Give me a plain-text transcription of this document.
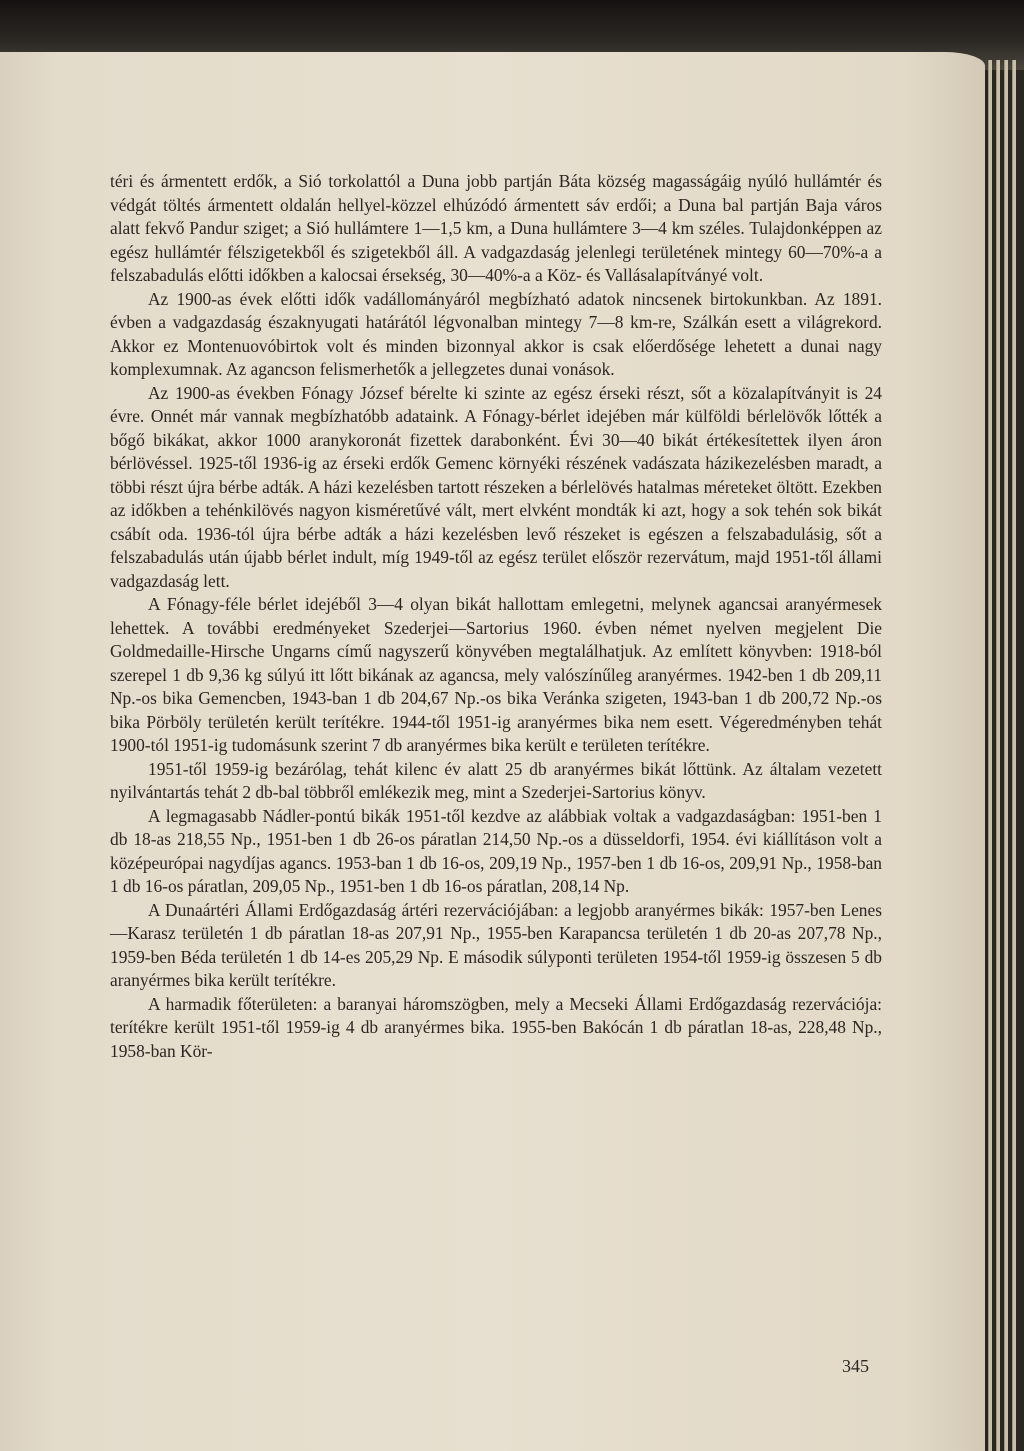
téri és ármentett erdők, a Sió torkolattól a Duna jobb partján Báta község magasságáig nyúló hullámtér és védgát töltés ármentett oldalán hellyel-közzel elhúzódó ármentett sáv erdői; a Duna bal partján Baja város alatt fekvő Pandur sziget; a Sió hullámtere 1—1,5 km, a Duna hullámtere 3—4 km széles. Tulajdonképpen az egész hullámtér félszigetekből és szigetekből áll. A vadgazdaság jelenlegi területének mintegy 60—70%-a a felszabadulás előtti időkben a kalocsai érsekség, 30—40%-a a Köz- és Vallásalapítványé volt.

Az 1900-as évek előtti idők vadállományáról megbízható adatok nincsenek birtokunkban. Az 1891. évben a vadgazdaság északnyugati határától légvonalban mintegy 7—8 km-re, Szálkán esett a világrekord. Akkor ez Montenuovóbirtok volt és minden bizonnyal akkor is csak előerdősége lehetett a dunai nagy komplexumnak. Az agancson felismerhetők a jellegzetes dunai vonások.

Az 1900-as években Fónagy József bérelte ki szinte az egész érseki részt, sőt a közalapítványit is 24 évre. Onnét már vannak megbízhatóbb adataink. A Fónagy-bérlet idejében már külföldi bérlelövők lőtték a bőgő bikákat, akkor 1000 aranykoronát fizettek darabonként. Évi 30—40 bikát értékesítettek ilyen áron bérlövéssel. 1925-től 1936-ig az érseki erdők Gemenc környéki részének vadászata házikezelésben maradt, a többi részt újra bérbe adták. A házi kezelésben tartott részeken a bérlelövés hatalmas méreteket öltött. Ezekben az időkben a tehénkilövés nagyon kisméretűvé vált, mert elvként mondták ki azt, hogy a sok tehén sok bikát csábít oda. 1936-tól újra bérbe adták a házi kezelésben levő részeket is egészen a felszabadulásig, sőt a felszabadulás után újabb bérlet indult, míg 1949-től az egész terület először rezervátum, majd 1951-től állami vadgazdaság lett.

A Fónagy-féle bérlet idejéből 3—4 olyan bikát hallottam emlegetni, melynek agancsai aranyérmesek lehettek. A további eredményeket Szederjei—Sartorius 1960. évben német nyelven megjelent Die Goldmedaille-Hirsche Ungarns című nagyszerű könyvében megtalálhatjuk. Az említett könyvben: 1918-ból szerepel 1 db 9,36 kg súlyú itt lőtt bikának az agancsa, mely valószínűleg aranyérmes. 1942-ben 1 db 209,11 Np.-os bika Gemencben, 1943-ban 1 db 204,67 Np.-os bika Veránka szigeten, 1943-ban 1 db 200,72 Np.-os bika Pörböly területén került terítékre. 1944-től 1951-ig aranyérmes bika nem esett. Végeredményben tehát 1900-tól 1951-ig tudomásunk szerint 7 db aranyérmes bika került e területen terítékre.

1951-től 1959-ig bezárólag, tehát kilenc év alatt 25 db aranyérmes bikát lőttünk. Az általam vezetett nyilvántartás tehát 2 db-bal többről emlékezik meg, mint a Szederjei-Sartorius könyv.

A legmagasabb Nádler-pontú bikák 1951-től kezdve az alábbiak voltak a vadgazdaságban: 1951-ben 1 db 18-as 218,55 Np., 1951-ben 1 db 26-os páratlan 214,50 Np.-os a düsseldorfi, 1954. évi kiállításon volt a középeurópai nagydíjas agancs. 1953-ban 1 db 16-os, 209,19 Np., 1957-ben 1 db 16-os, 209,91 Np., 1958-ban 1 db 16-os páratlan, 209,05 Np., 1951-ben 1 db 16-os páratlan, 208,14 Np.

A Dunaártéri Állami Erdőgazdaság ártéri rezervációjában: a legjobb aranyérmes bikák: 1957-ben Lenes—Karasz területén 1 db páratlan 18-as 207,91 Np., 1955-ben Karapancsa területén 1 db 20-as 207,78 Np., 1959-ben Béda területén 1 db 14-es 205,29 Np. E második súlyponti területen 1954-től 1959-ig összesen 5 db aranyérmes bika került terítékre.

A harmadik főterületen: a baranyai háromszögben, mely a Mecseki Állami Erdőgazdaság rezervációja: terítékre került 1951-től 1959-ig 4 db aranyérmes bika. 1955-ben Bakócán 1 db páratlan 18-as, 228,48 Np., 1958-ban Kör-

345
